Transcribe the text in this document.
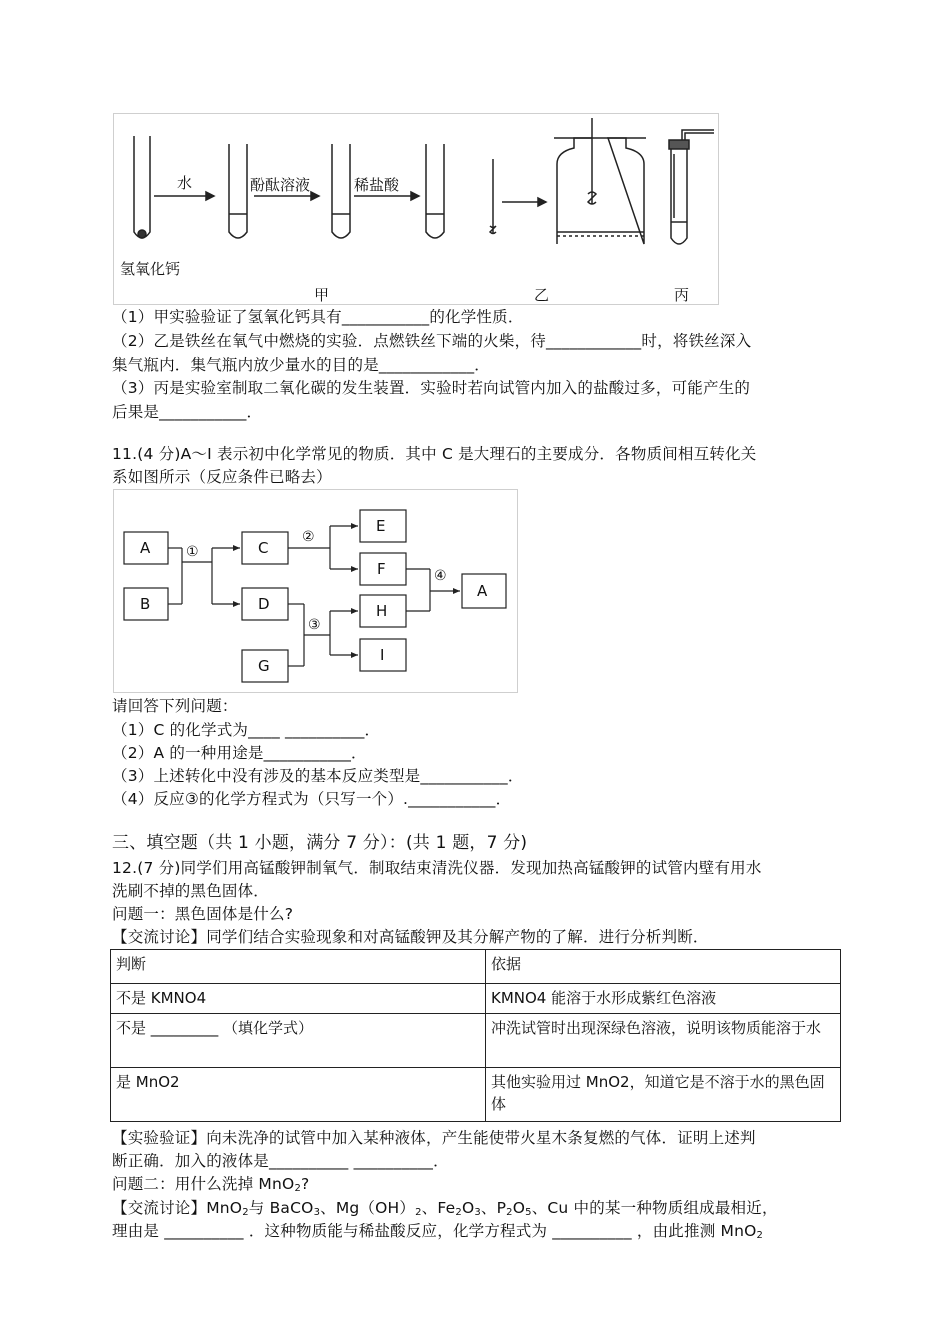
水	酚酞溶液	稀盐酸
氢氧化钙
甲	乙	丙
（1）甲实验验证了氢氧化钙具有___________的化学性质．
（2）乙是铁丝在氧气中燃烧的实验．点燃铁丝下端的火柴，待____________时，将铁丝深入
集气瓶内．集气瓶内放少量水的目的是____________．
（3）丙是实验室制取二氧化碳的发生装置．实验时若向试管内加入的盐酸过多，可能产生的
后果是___________．
11.(4 分)A～I 表示初中化学常见的物质．其中 C 是大理石的主要成分．各物质间相互转化关
系如图所示（反应条件已略去）
A
B
C
D
G
E
F
H
I
A
①
②
③
④
请回答下列问题：
（1）C 的化学式为____ __________．
（2）A 的一种用途是___________．
（3）上述转化中没有涉及的基本反应类型是___________．
（4）反应③的化学方程式为（只写一个）.___________．
三、填空题（共 1 小题，满分 7 分）：(共 1 题，7 分)
12.(7 分)同学们用高锰酸钾制氧气．制取结束清洗仪器．发现加热高锰酸钾的试管内壁有用水
洗刷不掉的黑色固体．
问题一：黑色固体是什么?
【交流讨论】同学们结合实验现象和对高锰酸钾及其分解产物的了解．进行分析判断．
判断	依据
不是 KMNO4	KMNO4 能溶于水形成紫红色溶液
不是 _________ （填化学式）	冲洗试管时出现深绿色溶液，说明该物质能溶于水
是 MnO2	其他实验用过 MnO2，知道它是不溶于水的黑色固体
【实验验证】向未洗净的试管中加入某种液体，产生能使带火星木条复燃的气体．证明上述判
断正确．加入的液体是__________ __________．
问题二：用什么洗掉 MnO$_2$?
【交流讨论】MnO$_2$与 BaCO$_3$、$Mg(OH)_2$、$Fe_2O_3$、$P_2O_5$、Cu 中的某一种物质组成最相近，
理由是 __________ ．这种物质能与稀盐酸反应，化学方程式为 __________ ，由此推测 MnO$_2$
